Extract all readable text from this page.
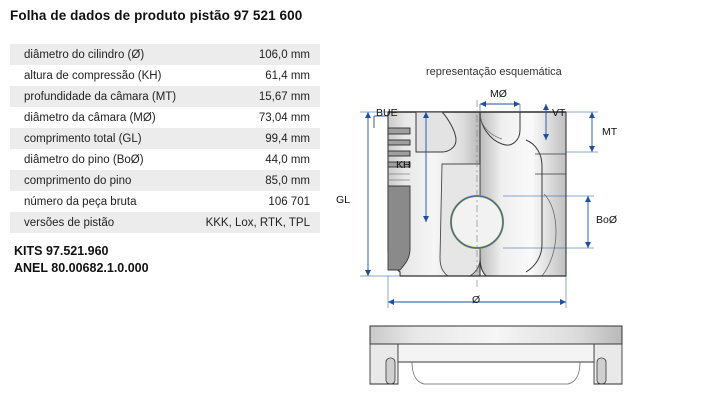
Folha de dados de produto pistão 97 521 600
diâmetro do cilindro (Ø)	106,0 mm
altura de compressão (KH)	61,4 mm
profundidade da câmara (MT)	15,67 mm
diâmetro da câmara (MØ)	73,04 mm
comprimento total (GL)	99,4 mm
diâmetro do pino (BoØ)	44,0 mm
comprimento do pino	85,0 mm
número da peça bruta	106 701
versões de pistão	KKK, Lox, RTK, TPL
KITS 97.521.960
ANEL 80.00682.1.0.000
representação esquemática
BUE
MØ
VT
MT
KH
GL
BoØ
Ø
